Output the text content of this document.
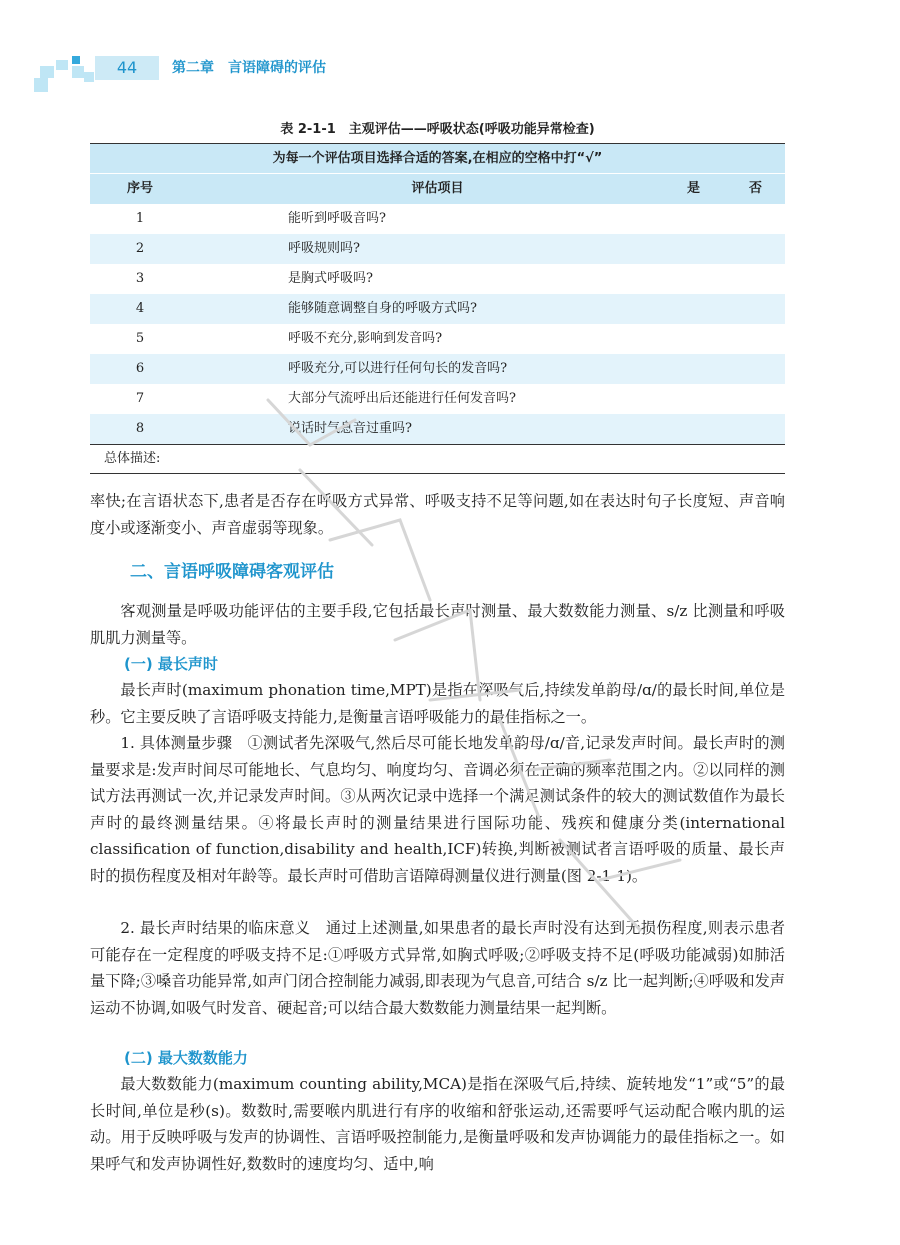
44	第二章　言语障碍的评估
表 2-1-1　主观评估——呼吸状态(呼吸功能异常检查)
为每一个评估项目选择合适的答案,在相应的空格中打“√”
序号	评估项目	是	否
1	能听到呼吸音吗?
2	呼吸规则吗?
3	是胸式呼吸吗?
4	能够随意调整自身的呼吸方式吗?
5	呼吸不充分,影响到发音吗?
6	呼吸充分,可以进行任何句长的发音吗?
7	大部分气流呼出后还能进行任何发音吗?
8	说话时气息音过重吗?
总体描述:

率快;在言语状态下,患者是否存在呼吸方式异常、呼吸支持不足等问题,如在表达时句子长度短、声音响度小或逐渐变小、声音虚弱等现象。

二、言语呼吸障碍客观评估

客观测量是呼吸功能评估的主要手段,它包括最长声时测量、最大数数能力测量、s/z 比测量和呼吸肌肌力测量等。

(一) 最长声时

最长声时(maximum phonation time,MPT)是指在深吸气后,持续发单韵母/ɑ/的最长时间,单位是秒。它主要反映了言语呼吸支持能力,是衡量言语呼吸能力的最佳指标之一。

1. 具体测量步骤　①测试者先深吸气,然后尽可能长地发单韵母/ɑ/音,记录发声时间。最长声时的测量要求是:发声时间尽可能地长、气息均匀、响度均匀、音调必须在正确的频率范围之内。②以同样的测试方法再测试一次,并记录发声时间。③从两次记录中选择一个满足测试条件的较大的测试数值作为最长声时的最终测量结果。④将最长声时的测量结果进行国际功能、残疾和健康分类(international classification of function,disability and health,ICF)转换,判断被测试者言语呼吸的质量、最长声时的损伤程度及相对年龄等。最长声时可借助言语障碍测量仪进行测量(图 2-1-1)。

2. 最长声时结果的临床意义　通过上述测量,如果患者的最长声时没有达到无损伤程度,则表示患者可能存在一定程度的呼吸支持不足:①呼吸方式异常,如胸式呼吸;②呼吸支持不足(呼吸功能减弱)如肺活量下降;③嗓音功能异常,如声门闭合控制能力减弱,即表现为气息音,可结合 s/z 比一起判断;④呼吸和发声运动不协调,如吸气时发音、硬起音;可以结合最大数数能力测量结果一起判断。

(二) 最大数数能力

最大数数能力(maximum counting ability,MCA)是指在深吸气后,持续、旋转地发“1”或“5”的最长时间,单位是秒(s)。数数时,需要喉内肌进行有序的收缩和舒张运动,还需要呼气运动配合喉内肌的运动。用于反映呼吸与发声的协调性、言语呼吸控制能力,是衡量呼吸和发声协调能力的最佳指标之一。如果呼气和发声协调性好,数数时的速度均匀、适中,响
